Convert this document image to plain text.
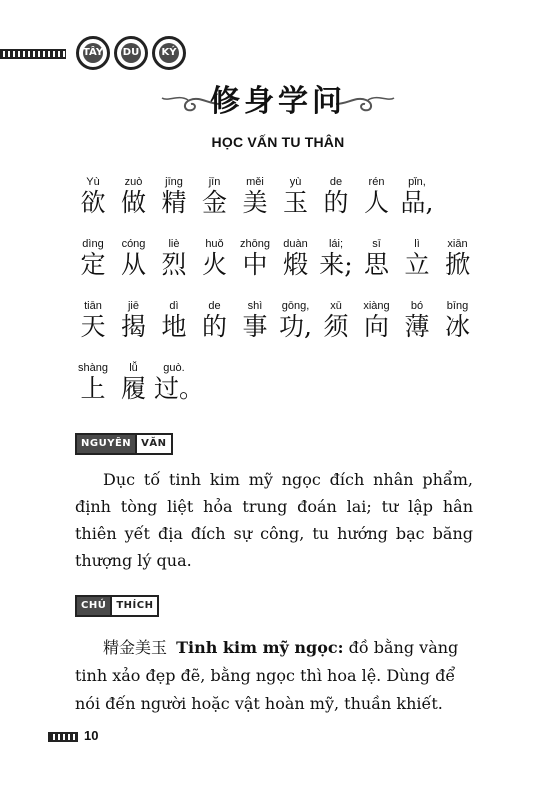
TÂY DU KÝ
修身学问
HỌC VẤN TU THÂN
Yù
欲
zuò
做
jīng
精
jīn
金
měi
美
yù
玉
de
的
rén
人
pǐn,
品,
dìng
定
cóng
从
liè
烈
huǒ
火
zhōng
中
duàn
煅
lái;
来;
sī
思
lì
立
xiān
掀
tiān
天
jiē
揭
dì
地
de
的
shì
事
gōng,
功,
xū
须
xiàng
向
bó
薄
bīng
冰
shàng
上
lǚ
履
guò.
过。
NGUYÊN	VĂN
Dục tố tinh kim mỹ ngọc đích nhân phẩm, định tòng liệt hỏa trung đoán lai; tư lập hân thiên yết địa đích sự công, tu hướng bạc băng thượng lý qua.
CHÚ	THÍCH
精金美玉 Tinh kim mỹ ngọc: đồ bằng vàng tinh xảo đẹp đẽ, bằng ngọc thì hoa lệ. Dùng để nói đến người hoặc vật hoàn mỹ, thuần khiết.
10
